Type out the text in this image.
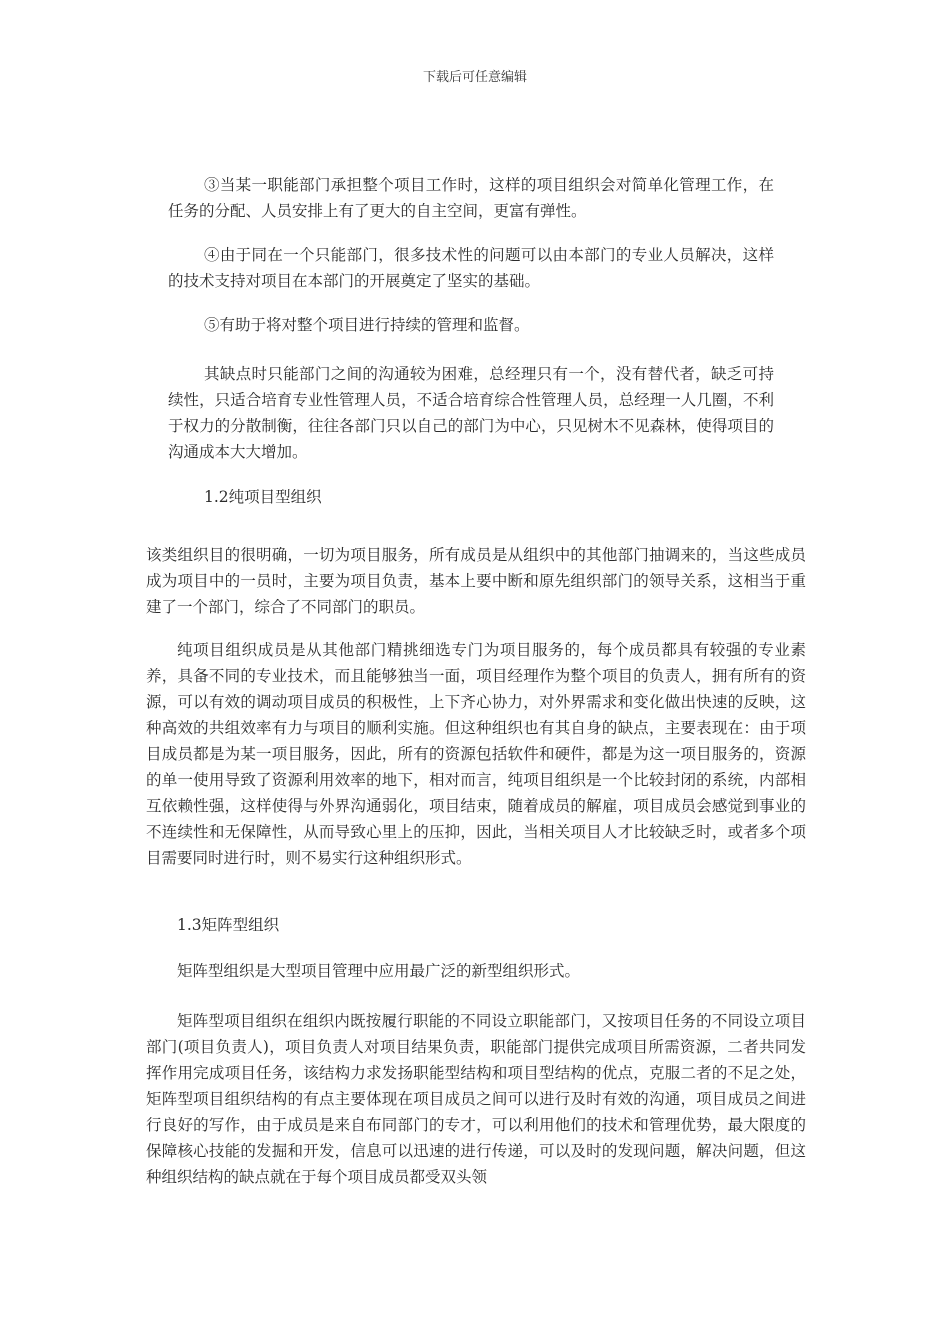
下载后可任意编辑

③当某一职能部门承担整个项目工作时，这样的项目组织会对简单化管理工作，在任务的分配、人员安排上有了更大的自主空间，更富有弹性。

④由于同在一个只能部门，很多技术性的问题可以由本部门的专业人员解决，这样的技术支持对项目在本部门的开展奠定了坚实的基础。

⑤有助于将对整个项目进行持续的管理和监督。

其缺点时只能部门之间的沟通较为困难，总经理只有一个，没有替代者，缺乏可持续性，只适合培育专业性管理人员，不适合培育综合性管理人员，总经理一人几圈，不利于权力的分散制衡，往往各部门只以自己的部门为中心，只见树木不见森林，使得项目的沟通成本大大增加。

1.2纯项目型组织

该类组织目的很明确，一切为项目服务，所有成员是从组织中的其他部门抽调来的，当这些成员成为项目中的一员时，主要为项目负责，基本上要中断和原先组织部门的领导关系，这相当于重建了一个部门，综合了不同部门的职员。

纯项目组织成员是从其他部门精挑细选专门为项目服务的，每个成员都具有较强的专业素养，具备不同的专业技术，而且能够独当一面，项目经理作为整个项目的负责人，拥有所有的资源，可以有效的调动项目成员的积极性，上下齐心协力，对外界需求和变化做出快速的反映，这种高效的共组效率有力与项目的顺利实施。但这种组织也有其自身的缺点，主要表现在：由于项目成员都是为某一项目服务，因此，所有的资源包括软件和硬件，都是为这一项目服务的，资源的单一使用导致了资源利用效率的地下，相对而言，纯项目组织是一个比较封闭的系统，内部相互依赖性强，这样使得与外界沟通弱化，项目结束，随着成员的解雇，项目成员会感觉到事业的不连续性和无保障性，从而导致心里上的压抑，因此，当相关项目人才比较缺乏时，或者多个项目需要同时进行时，则不易实行这种组织形式。

1.3矩阵型组织

矩阵型组织是大型项目管理中应用最广泛的新型组织形式。

矩阵型项目组织在组织内既按履行职能的不同设立职能部门，又按项目任务的不同设立项目部门(项目负责人)，项目负责人对项目结果负责，职能部门提供完成项目所需资源，二者共同发挥作用完成项目任务，该结构力求发扬职能型结构和项目型结构的优点，克服二者的不足之处，矩阵型项目组织结构的有点主要体现在项目成员之间可以进行及时有效的沟通，项目成员之间进行良好的写作，由于成员是来自布同部门的专才，可以利用他们的技术和管理优势，最大限度的保障核心技能的发掘和开发，信息可以迅速的进行传递，可以及时的发现问题，解决问题，但这种组织结构的缺点就在于每个项目成员都受双头领
